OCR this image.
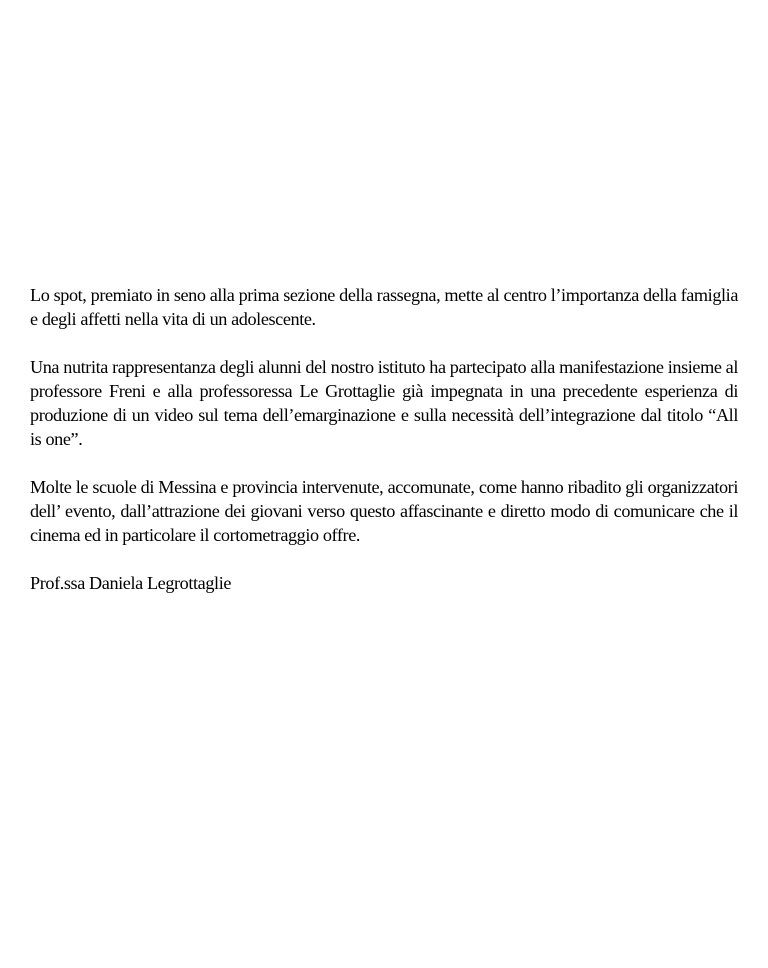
Lo spot, premiato in seno alla prima sezione della rassegna, mette al centro l’importanza della famiglia e degli affetti nella vita di un adolescente.

Una nutrita rappresentanza degli alunni del nostro istituto ha partecipato alla manifestazione insieme al professore Freni e alla professoressa Le Grottaglie già impegnata in una precedente esperienza di produzione di un video sul tema dell’emarginazione e sulla necessità dell’integrazione dal titolo “All is one”.

Molte le scuole di Messina e provincia intervenute, accomunate, come hanno ribadito gli organizzatori dell’ evento, dall’attrazione dei giovani verso questo affascinante e diretto modo di comunicare che il cinema ed in particolare il cortometraggio offre.

Prof.ssa Daniela Legrottaglie
